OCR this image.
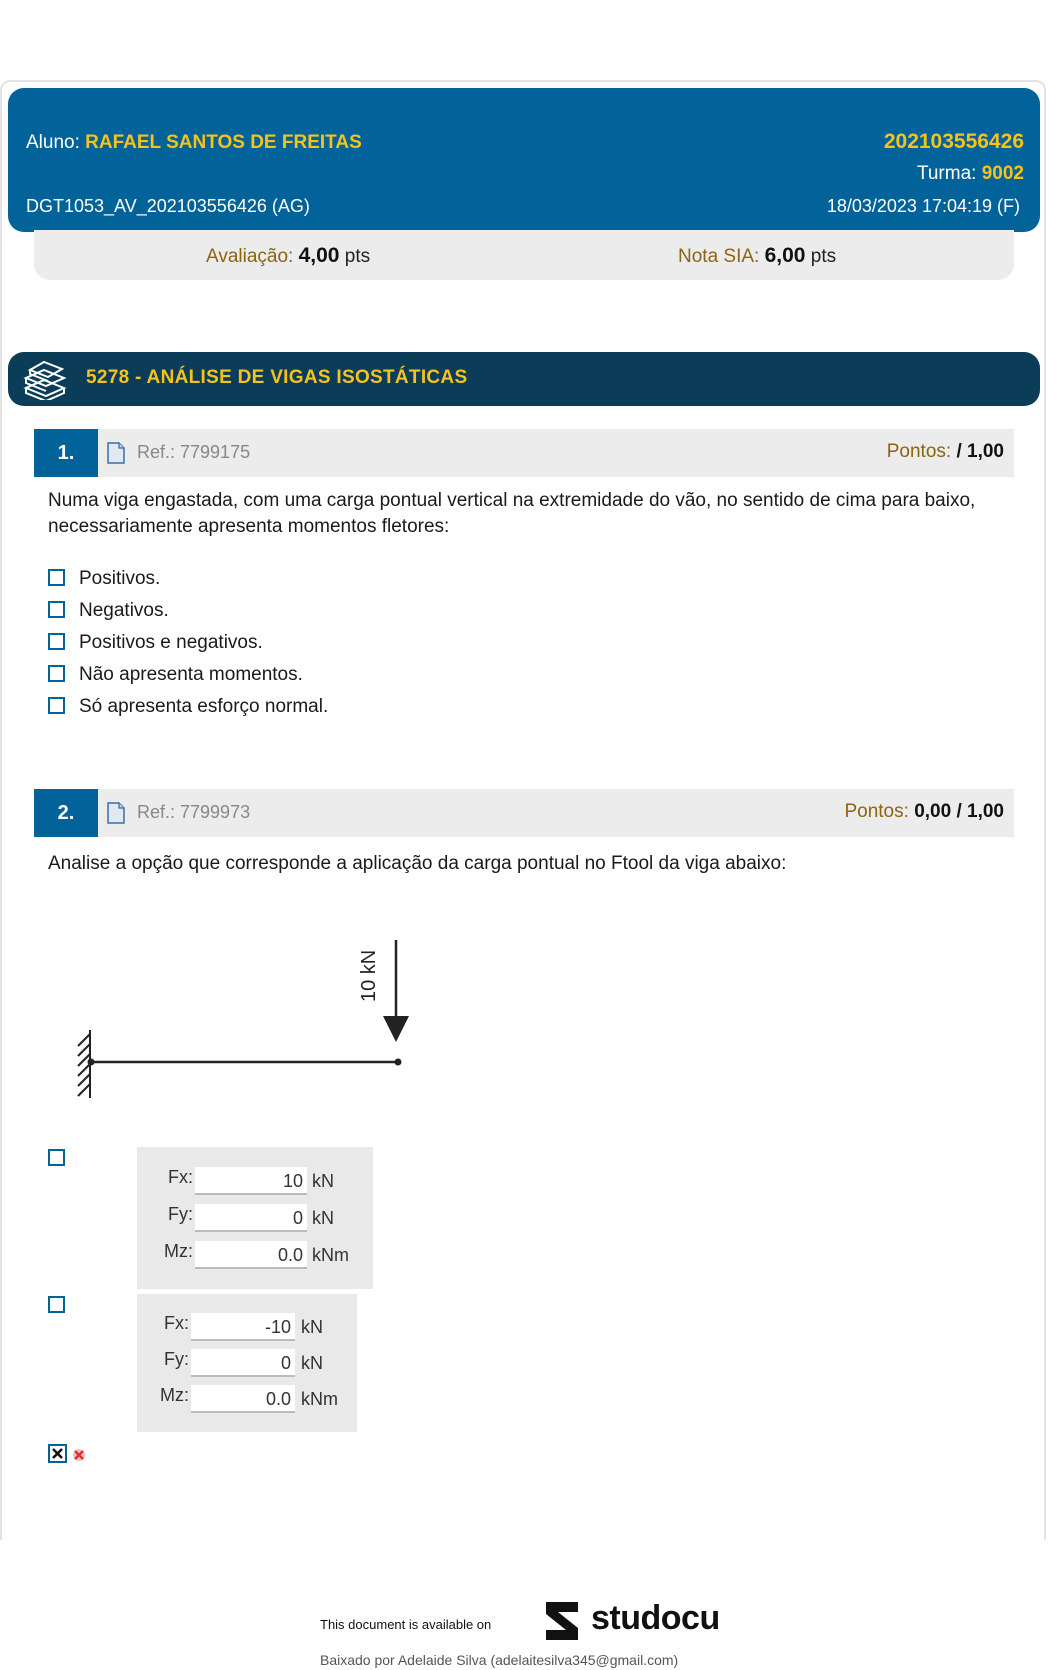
Aluno: RAFAEL SANTOS DE FREITAS
DGT1053_AV_202103556426 (AG)
202103556426
Turma: 9002
18/03/2023 17:04:19 (F)
Avaliação: 4,00 pts	Nota SIA: 6,00 pts
5278 - ANÁLISE DE VIGAS ISOSTÁTICAS
1.	Ref.: 7799175	Pontos: / 1,00
Numa viga engastada, com uma carga pontual vertical na extremidade do vão, no sentido de cima para baixo, necessariamente apresenta momentos fletores:
Positivos.
Negativos.
Positivos e negativos.
Não apresenta momentos.
Só apresenta esforço normal.
2.	Ref.: 7799973	Pontos: 0,00 / 1,00
Analise a opção que corresponde a aplicação da carga pontual no Ftool da viga abaixo:
10 kN
Fx:	10 kN
Fy:	0 kN
Mz:	0.0 kNm
Fx:	-10 kN
Fy:	0 kN
Mz:	0.0 kNm
This document is available on	studocu
Baixado por Adelaide Silva (adelaitesilva345@gmail.com)
